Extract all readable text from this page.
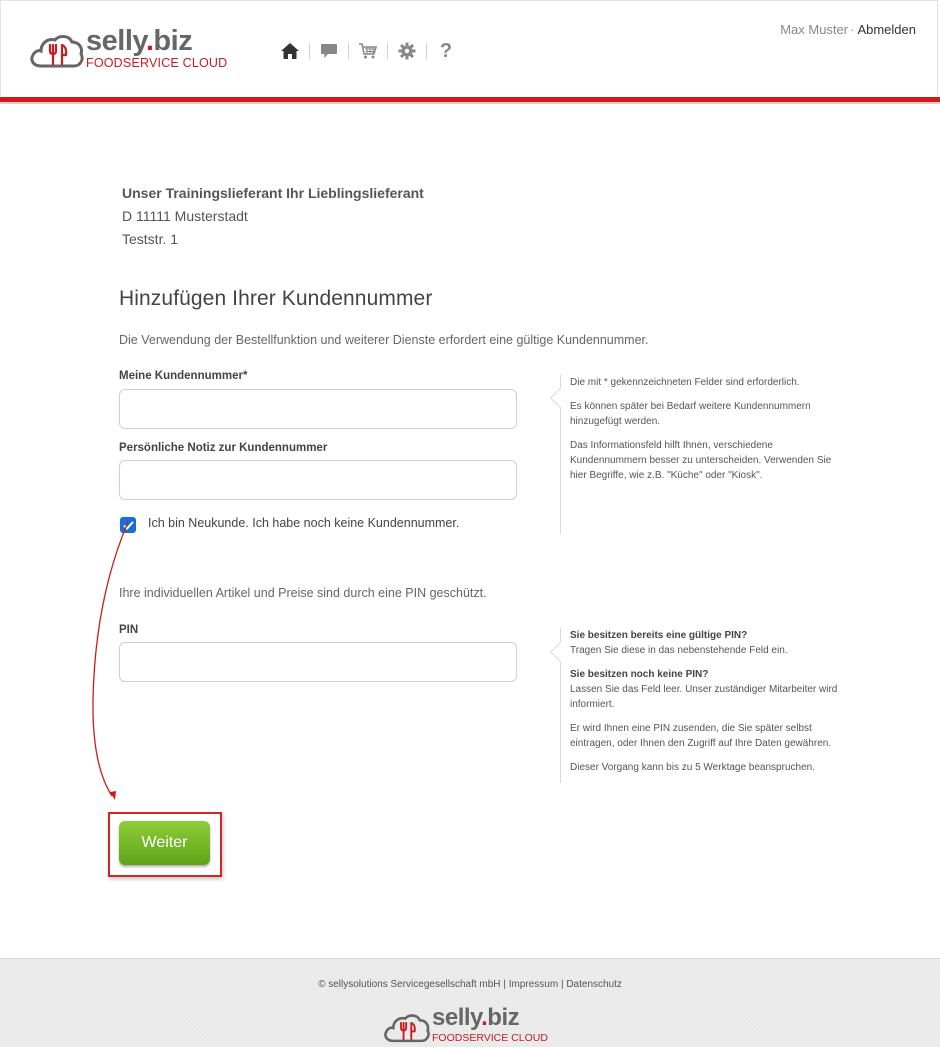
selly.biz
FOODSERVICE CLOUD
?
Max Muster · Abmelden
Unser Trainingslieferant Ihr Lieblingslieferant
D 11111 Musterstadt
Teststr. 1
Hinzufügen Ihrer Kundennummer
Die Verwendung der Bestellfunktion und weiterer Dienste erfordert eine gültige Kundennummer.
Meine Kundennummer*
Persönliche Notiz zur Kundennummer
Ich bin Neukunde. Ich habe noch keine Kundennummer.
Ihre individuellen Artikel und Preise sind durch eine PIN geschützt.
PIN

Die mit * gekennzeichneten Felder sind erforderlich.

Es können später bei Bedarf weitere Kundennummern hinzugefügt werden.

Das Informationsfeld hilft Ihnen, verschiedene Kundennummern besser zu unterscheiden. Verwenden Sie hier Begriffe, wie z.B. "Küche" oder "Kiosk".

Sie besitzen bereits eine gültige PIN?
Tragen Sie diese in das nebenstehende Feld ein.

Sie besitzen noch keine PIN?
Lassen Sie das Feld leer. Unser zuständiger Mitarbeiter wird informiert.

Er wird Ihnen eine PIN zusenden, die Sie später selbst eintragen, oder Ihnen den Zugriff auf Ihre Daten gewähren.

Dieser Vorgang kann bis zu 5 Werktage beanspruchen.

Weiter
© sellysolutions Servicegesellschaft mbH | Impressum | Datenschutz
selly.biz
FOODSERVICE CLOUD
